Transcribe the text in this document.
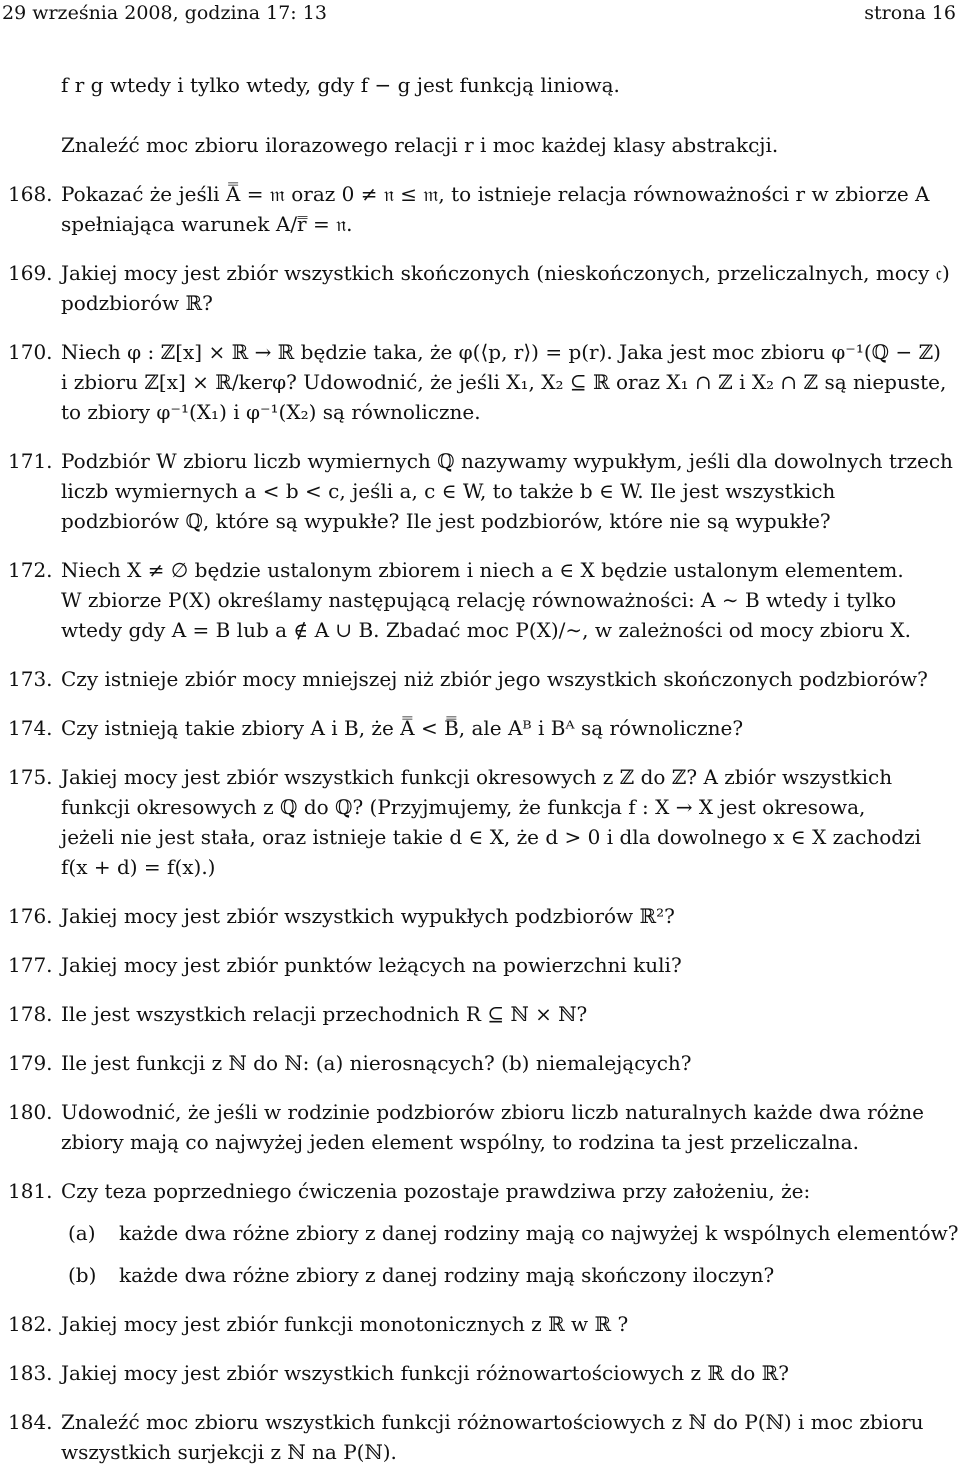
29 września 2008, godzina 17: 13	strona 16
f r g wtedy i tylko wtedy, gdy f − g jest funkcją liniową.
Znaleźć moc zbioru ilorazowego relacji r i moc każdej klasy abstrakcji.
168. Pokazać że jeśli A̿ = 𝔪 oraz 0 ≠ 𝔫 ≤ 𝔪, to istnieje relacja równoważności r w zbiorze A
spełniająca warunek A/r̿ = 𝔫.
169. Jakiej mocy jest zbiór wszystkich skończonych (nieskończonych, przeliczalnych, mocy 𝔠)
podzbiorów ℝ?
170. Niech φ : ℤ[x] × ℝ → ℝ będzie taka, że φ(⟨p, r⟩) = p(r). Jaka jest moc zbioru φ⁻¹(ℚ − ℤ)
i zbioru ℤ[x] × ℝ/kerφ? Udowodnić, że jeśli X₁, X₂ ⊆ ℝ oraz X₁ ∩ ℤ i X₂ ∩ ℤ są niepuste,
to zbiory φ⁻¹(X₁) i φ⁻¹(X₂) są równoliczne.
171. Podzbiór W zbioru liczb wymiernych ℚ nazywamy wypukłym, jeśli dla dowolnych trzech
liczb wymiernych a < b < c, jeśli a, c ∈ W, to także b ∈ W. Ile jest wszystkich
podzbiorów ℚ, które są wypukłe? Ile jest podzbiorów, które nie są wypukłe?
172. Niech X ≠ ∅ będzie ustalonym zbiorem i niech a ∈ X będzie ustalonym elementem.
W zbiorze P(X) określamy następującą relację równoważności: A ∼ B wtedy i tylko
wtedy gdy A = B lub a ∉ A ∪ B. Zbadać moc P(X)/∼, w zależności od mocy zbioru X.
173. Czy istnieje zbiór mocy mniejszej niż zbiór jego wszystkich skończonych podzbiorów?
174. Czy istnieją takie zbiory A i B, że A̿ < B̿, ale Aᴮ i Bᴬ są równoliczne?
175. Jakiej mocy jest zbiór wszystkich funkcji okresowych z ℤ do ℤ? A zbiór wszystkich
funkcji okresowych z ℚ do ℚ? (Przyjmujemy, że funkcja f : X → X jest okresowa,
jeżeli nie jest stała, oraz istnieje takie d ∈ X, że d > 0 i dla dowolnego x ∈ X zachodzi
f(x + d) = f(x).)
176. Jakiej mocy jest zbiór wszystkich wypukłych podzbiorów ℝ²?
177. Jakiej mocy jest zbiór punktów leżących na powierzchni kuli?
178. Ile jest wszystkich relacji przechodnich R ⊆ ℕ × ℕ?
179. Ile jest funkcji z ℕ do ℕ: (a) nierosnących? (b) niemalejących?
180. Udowodnić, że jeśli w rodzinie podzbiorów zbioru liczb naturalnych każde dwa różne
zbiory mają co najwyżej jeden element wspólny, to rodzina ta jest przeliczalna.
181. Czy teza poprzedniego ćwiczenia pozostaje prawdziwa przy założeniu, że:
(a) każde dwa różne zbiory z danej rodziny mają co najwyżej k wspólnych elementów?
(b) każde dwa różne zbiory z danej rodziny mają skończony iloczyn?
182. Jakiej mocy jest zbiór funkcji monotonicznych z ℝ w ℝ ?
183. Jakiej mocy jest zbiór wszystkich funkcji różnowartościowych z ℝ do ℝ?
184. Znaleźć moc zbioru wszystkich funkcji różnowartościowych z ℕ do P(ℕ) i moc zbioru
wszystkich surjekcji z ℕ na P(ℕ).
